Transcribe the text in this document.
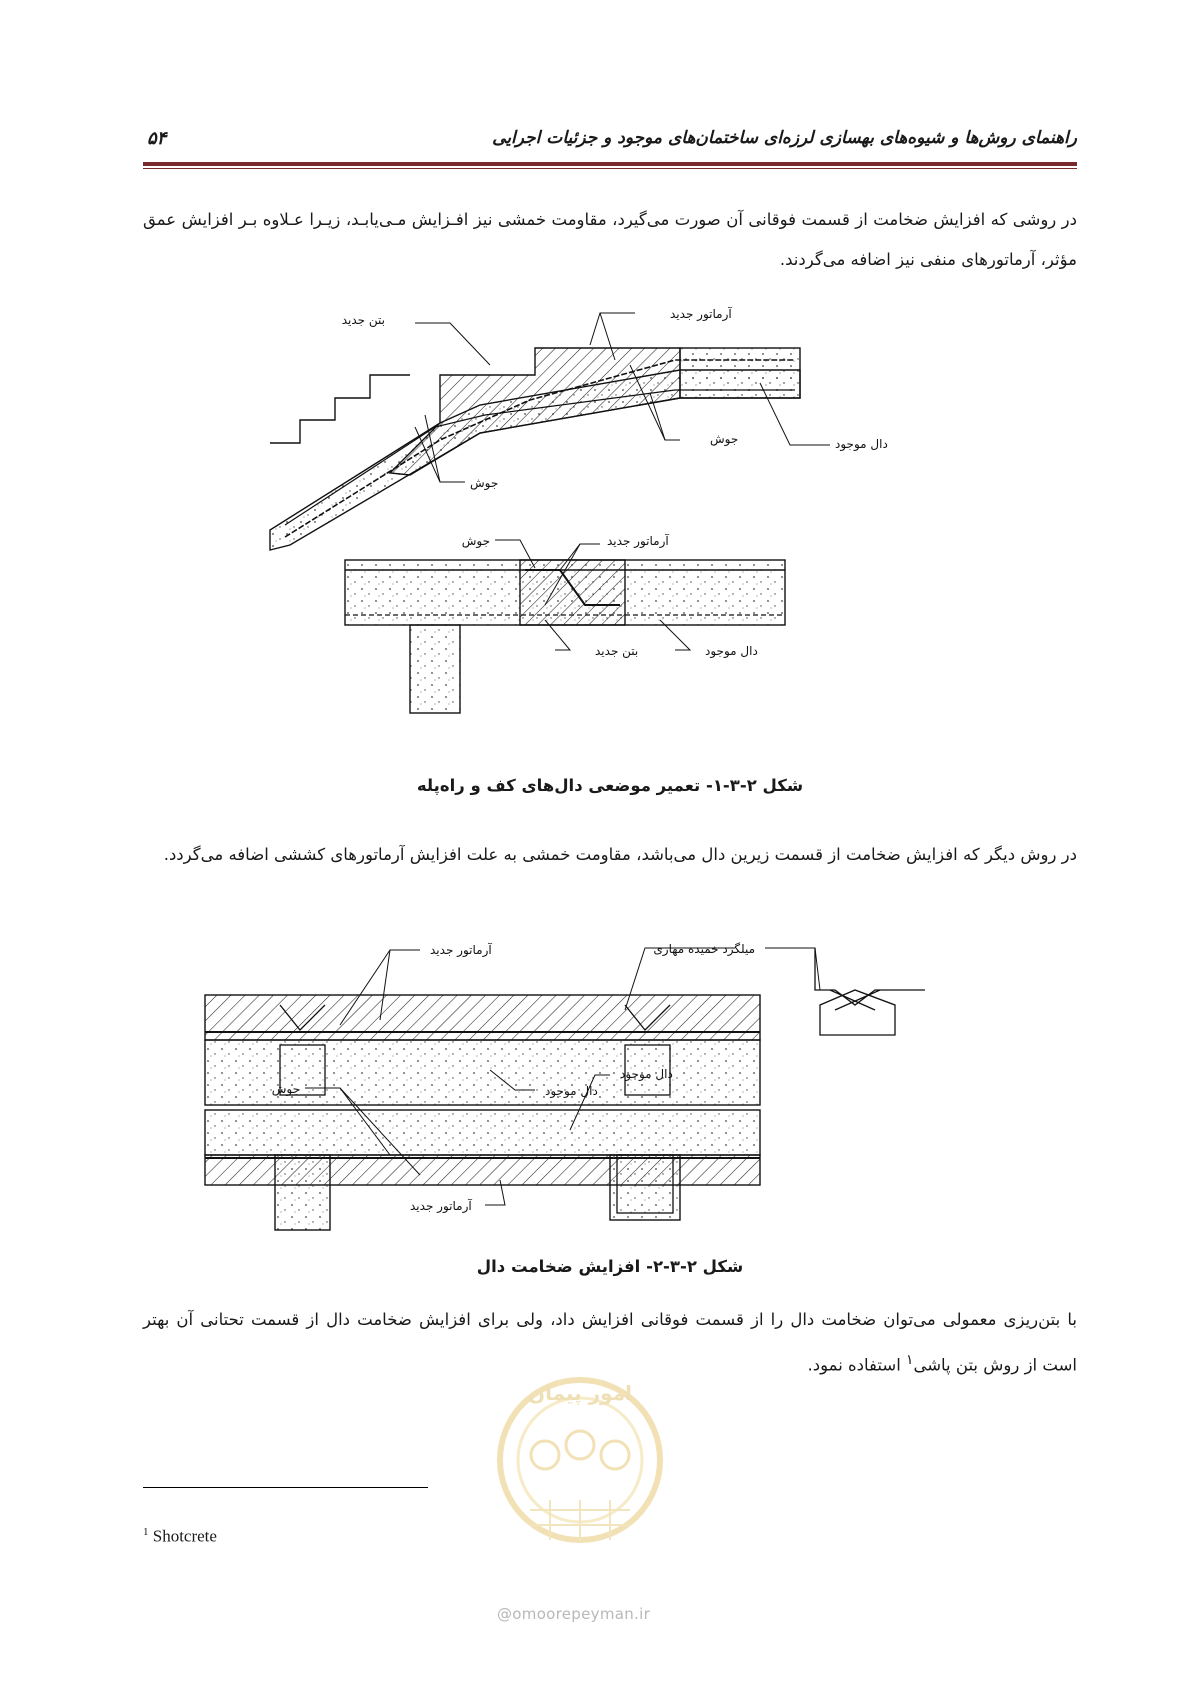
راهنمای روش‌ها و شیوه‌های بهسازی لرزه‌ای ساختمان‌های موجود و جزئیات اجرایی
۵۴
در روشی که افزایش ضخامت از قسمت فوقانی آن صورت می‌گیرد، مقاومت خمشی نیز افـزایش مـی‌یابـد، زیـرا عـلاوه بـر افزایش عمق مؤثر، آرماتورهای منفی نیز اضافه می‌گردند.
بتن جدید	آرماتور جدید
جوش	دال موجود
جوش
جوش	آرماتور جدید
بتن جدید	دال موجود
شکل ۲-۳-۱- تعمیر موضعی دال‌های کف و راه‌پله
در روش دیگر که افزایش ضخامت از قسمت زیرین دال می‌باشد، مقاومت خمشی به علت افزایش آرماتورهای کششی اضافه می‌گردد.
آرماتور جدید	میلگرد خمیده مهاری
دال موجود
دال موجود
جوش
آرماتور جدید
شکل ۲-۳-۲- افزایش ضخامت دال
با بتن‌ریزی معمولی می‌توان ضخامت دال را از قسمت فوقانی افزایش داد، ولی برای افزایش ضخامت دال از قسمت تحتانی آن بهتر است از روش بتن پاشی$^۱$ استفاده نمود.
$^1$ Shotcrete
امور پیمان
@omoorepeyman.ir
